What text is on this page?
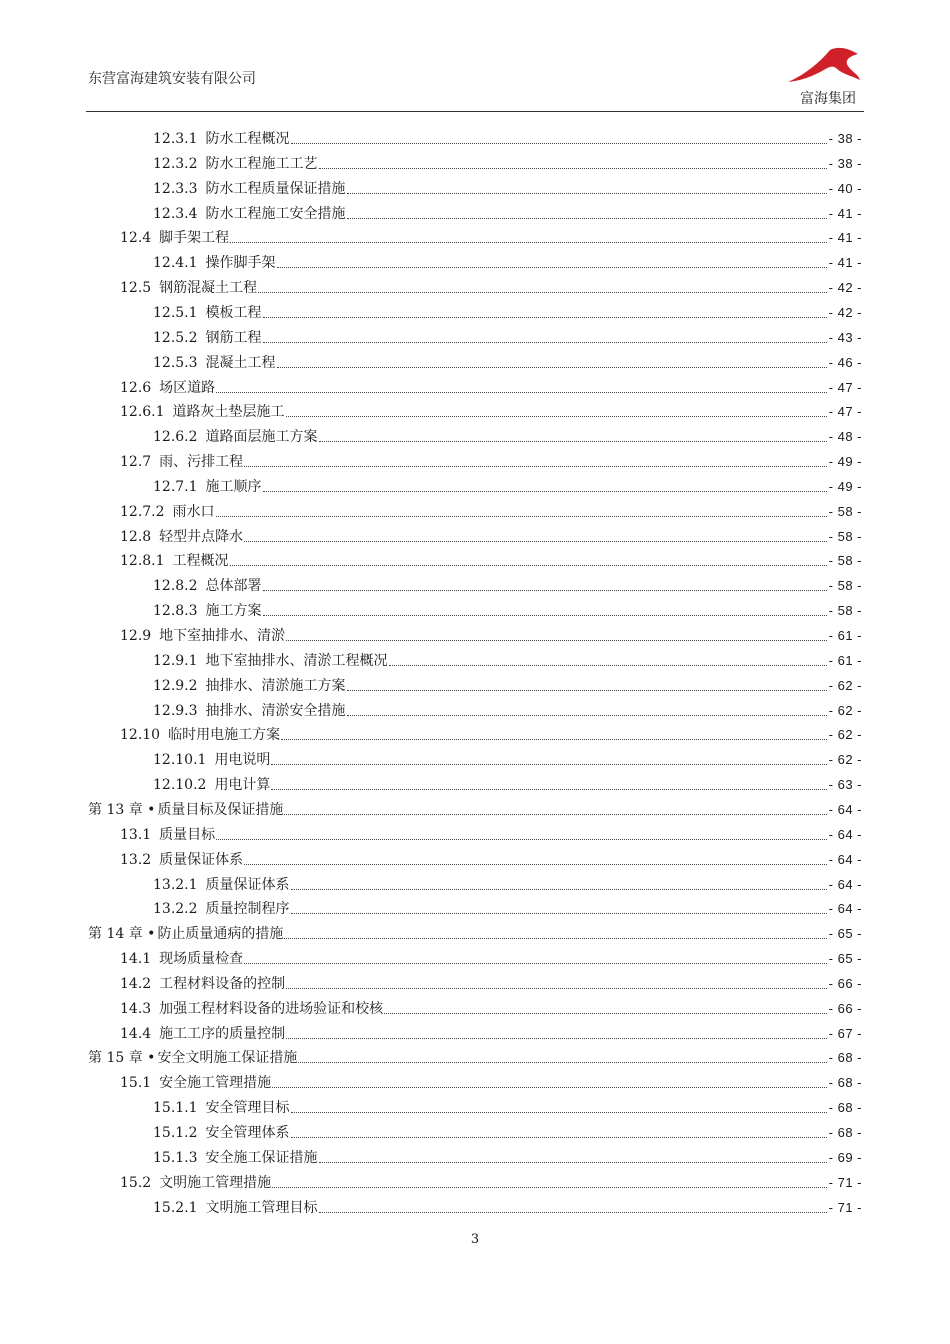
东营富海建筑安装有限公司
富海集团
12.3.1 防水工程概况	- 38 -
12.3.2 防水工程施工工艺	- 38 -
12.3.3 防水工程质量保证措施	- 40 -
12.3.4 防水工程施工安全措施	- 41 -
12.4 脚手架工程	- 41 -
12.4.1 操作脚手架	- 41 -
12.5 钢筋混凝土工程	- 42 -
12.5.1 模板工程	- 42 -
12.5.2 钢筋工程	- 43 -
12.5.3 混凝土工程	- 46 -
12.6 场区道路	- 47 -
12.6.1 道路灰土垫层施工	- 47 -
12.6.2 道路面层施工方案	- 48 -
12.7 雨、污排工程	- 49 -
12.7.1 施工顺序	- 49 -
12.7.2 雨水口	- 58 -
12.8 轻型井点降水	- 58 -
12.8.1 工程概况	- 58 -
12.8.2 总体部署	- 58 -
12.8.3 施工方案	- 58 -
12.9 地下室抽排水、清淤	- 61 -
12.9.1 地下室抽排水、清淤工程概况	- 61 -
12.9.2 抽排水、清淤施工方案	- 62 -
12.9.3 抽排水、清淤安全措施	- 62 -
12.10 临时用电施工方案	- 62 -
12.10.1 用电说明	- 62 -
12.10.2 用电计算	- 63 -
第 13 章 • 质量目标及保证措施	- 64 -
13.1 质量目标	- 64 -
13.2 质量保证体系	- 64 -
13.2.1 质量保证体系	- 64 -
13.2.2 质量控制程序	- 64 -
第 14 章 • 防止质量通病的措施	- 65 -
14.1 现场质量检查	- 65 -
14.2 工程材料设备的控制	- 66 -
14.3 加强工程材料设备的进场验证和校核	- 66 -
14.4 施工工序的质量控制	- 67 -
第 15 章 • 安全文明施工保证措施	- 68 -
15.1 安全施工管理措施	- 68 -
15.1.1 安全管理目标	- 68 -
15.1.2 安全管理体系	- 68 -
15.1.3 安全施工保证措施	- 69 -
15.2 文明施工管理措施	- 71 -
15.2.1 文明施工管理目标	- 71 -
3
